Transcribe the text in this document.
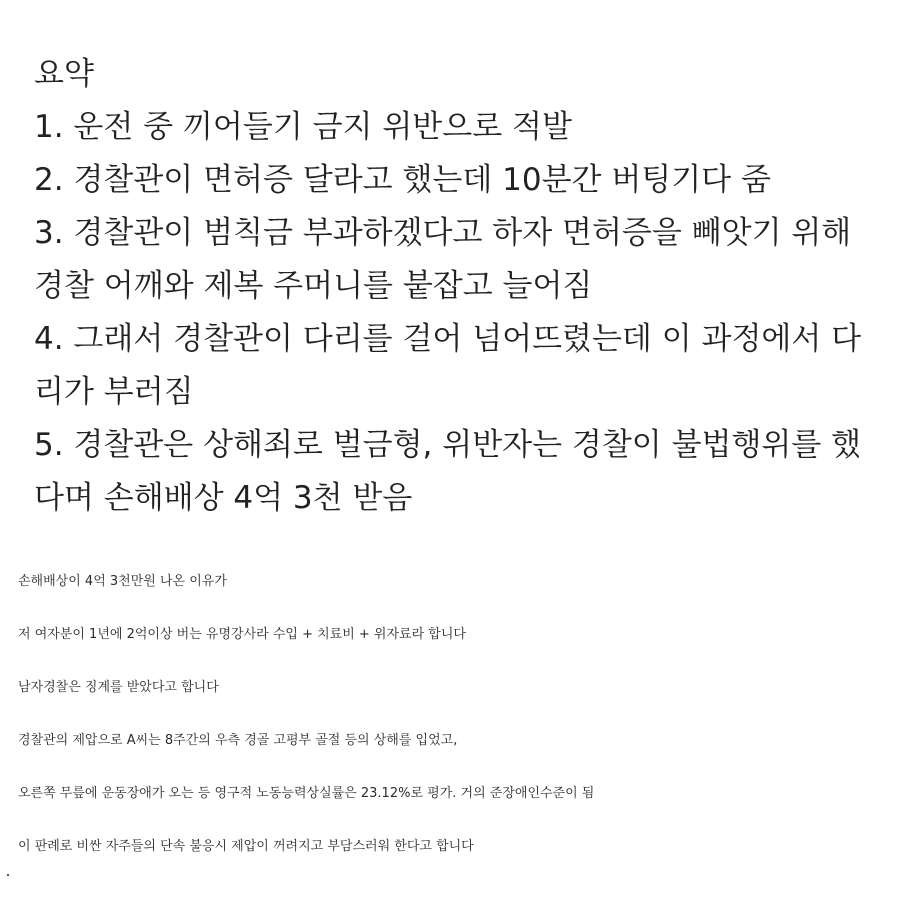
요약

1. 운전 중 끼어들기 금지 위반으로 적발

2. 경찰관이 면허증 달라고 했는데 10분간 버팅기다 줌

3. 경찰관이 범칙금 부과하겠다고 하자 면허증을 빼앗기 위해

경찰 어깨와 제복 주머니를 붙잡고 늘어짐

4. 그래서 경찰관이 다리를 걸어 넘어뜨렸는데 이 과정에서 다

리가 부러짐

5. 경찰관은 상해죄로 벌금형, 위반자는 경찰이 불법행위를 했

다며 손해배상 4억 3천 받음

손해배상이 4억 3천만원 나온 이유가

저 여자분이 1년에 2억이상 버는 유명강사라 수입 + 치료비 + 위자료라 합니다

남자경찰은 징계를 받았다고 합니다

경찰관의 제압으로 A씨는 8주간의 우측 경골 고평부 골절 등의 상해를 입었고,

오른쪽 무릎에 운동장애가 오는 등 영구적 노동능력상실률은 23.12%로 평가. 거의 준장애인수준이 됨

이 판례로 비싼 자주들의 단속 불응시 제압이 꺼려지고 부담스러워 한다고 합니다
